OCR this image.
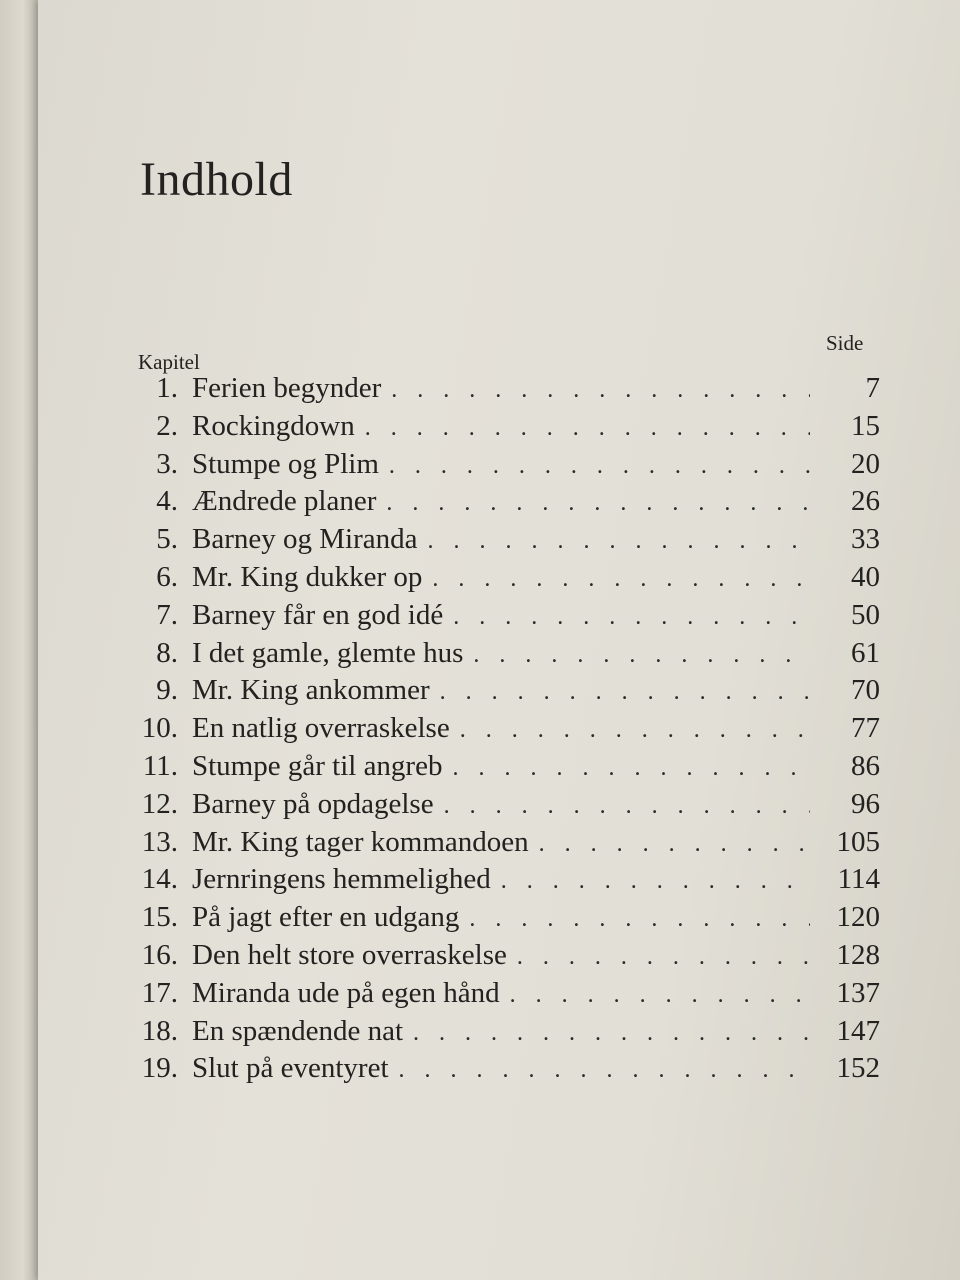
Indhold
Side
Kapitel
1. Ferien begynder . . .	7
2. Rockingdown . . .	15
3. Stumpe og Plim . . .	20
4. Ændrede planer . . .	26
5. Barney og Miranda . . .	33
6. Mr. King dukker op . . .	40
7. Barney får en god idé . . .	50
8. I det gamle, glemte hus . . .	61
9. Mr. King ankommer . . .	70
10. En natlig overraskelse . . .	77
11. Stumpe går til angreb . . .	86
12. Barney på opdagelse . . .	96
13. Mr. King tager kommandoen . . .	105
14. Jernringens hemmelighed . . .	114
15. På jagt efter en udgang . . .	120
16. Den helt store overraskelse . . .	128
17. Miranda ude på egen hånd . . .	137
18. En spændende nat . . .	147
19. Slut på eventyret . . .	152
